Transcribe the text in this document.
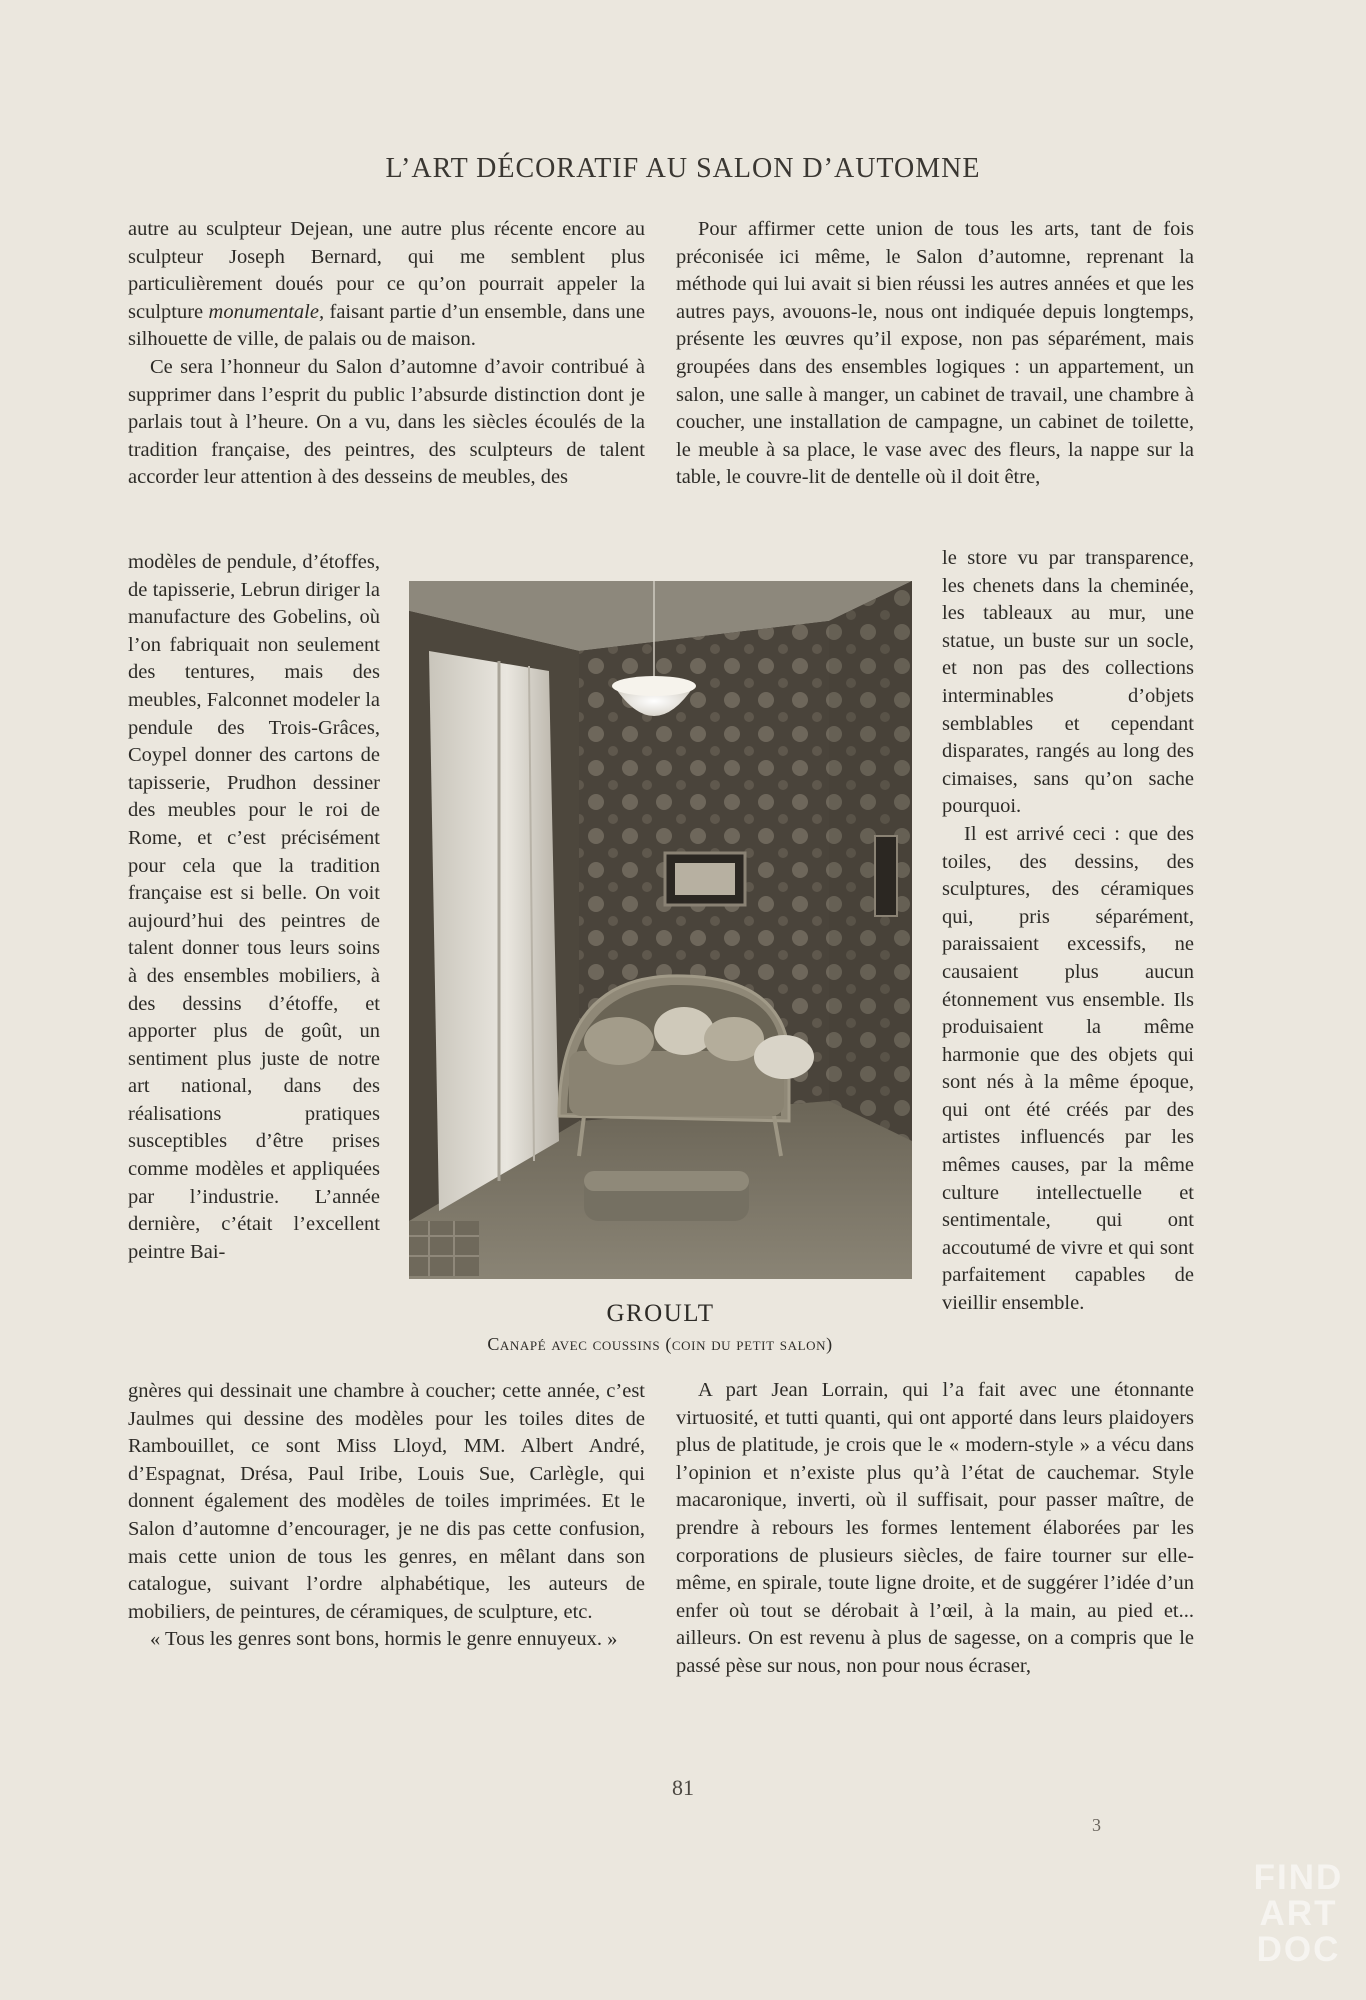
L’ART DÉCORATIF AU SALON D’AUTOMNE

autre au sculpteur Dejean, une autre plus récente encore au sculpteur Joseph Bernard, qui me semblent plus particulièrement doués pour ce qu’on pourrait appeler la sculpture monumentale, faisant partie d’un ensemble, dans une silhouette de ville, de palais ou de maison.

Ce sera l’honneur du Salon d’automne d’avoir contribué à supprimer dans l’esprit du public l’absurde distinction dont je parlais tout à l’heure. On a vu, dans les siècles écoulés de la tradition française, des peintres, des sculpteurs de talent accorder leur attention à des desseins de meubles, des

modèles de pendule, d’étoffes, de tapisserie, Lebrun diriger la manufacture des Gobelins, où l’on fabriquait non seulement des tentures, mais des meubles, Falconnet modeler la pendule des Trois-Grâces, Coypel donner des cartons de tapisserie, Prudhon dessiner des meubles pour le roi de Rome, et c’est précisément pour cela que la tradition française est si belle. On voit aujourd’hui des peintres de talent donner tous leurs soins à des ensembles mobiliers, à des dessins d’étoffe, et apporter plus de goût, un sentiment plus juste de notre art national, dans des réalisations pratiques susceptibles d’être prises comme modèles et appliquées par l’industrie. L’année dernière, c’était l’excellent peintre Bai-

GROULT
Canapé avec coussins (coin du petit salon)

gnères qui dessinait une chambre à coucher; cette année, c’est Jaulmes qui dessine des modèles pour les toiles dites de Rambouillet, ce sont Miss Lloyd, MM. Albert André, d’Espagnat, Drésa, Paul Iribe, Louis Sue, Carlègle, qui donnent également des modèles de toiles imprimées. Et le Salon d’automne d’encourager, je ne dis pas cette confusion, mais cette union de tous les genres, en mêlant dans son catalogue, suivant l’ordre alphabétique, les auteurs de mobiliers, de peintures, de céramiques, de sculpture, etc.

« Tous les genres sont bons, hormis le genre ennuyeux. »

Pour affirmer cette union de tous les arts, tant de fois préconisée ici même, le Salon d’automne, reprenant la méthode qui lui avait si bien réussi les autres années et que les autres pays, avouons-le, nous ont indiquée depuis longtemps, présente les œuvres qu’il expose, non pas séparément, mais groupées dans des ensembles logiques : un appartement, un salon, une salle à manger, un cabinet de travail, une chambre à coucher, une installation de campagne, un cabinet de toilette, le meuble à sa place, le vase avec des fleurs, la nappe sur la table, le couvre-lit de dentelle où il doit être,

le store vu par transparence, les chenets dans la cheminée, les tableaux au mur, une statue, un buste sur un socle, et non pas des collections interminables d’objets semblables et cependant disparates, rangés au long des cimaises, sans qu’on sache pourquoi.

Il est arrivé ceci : que des toiles, des dessins, des sculptures, des céramiques qui, pris séparément, paraissaient excessifs, ne causaient plus aucun étonnement vus ensemble. Ils produisaient la même harmonie que des objets qui sont nés à la même époque, qui ont été créés par des artistes influencés par les mêmes causes, par la même culture intellectuelle et sentimentale, qui ont accoutumé de vivre et qui sont parfaitement capables de vieillir ensemble.

A part Jean Lorrain, qui l’a fait avec une étonnante virtuosité, et tutti quanti, qui ont apporté dans leurs plaidoyers plus de platitude, je crois que le « modern-style » a vécu dans l’opinion et n’existe plus qu’à l’état de cauchemar. Style macaronique, inverti, où il suffisait, pour passer maître, de prendre à rebours les formes lentement élaborées par les corporations de plusieurs siècles, de faire tourner sur elle-même, en spirale, toute ligne droite, et de suggérer l’idée d’un enfer où tout se dérobait à l’œil, à la main, au pied et... ailleurs. On est revenu à plus de sagesse, on a compris que le passé pèse sur nous, non pour nous écraser,

81
3
FIND
ART
DOC
